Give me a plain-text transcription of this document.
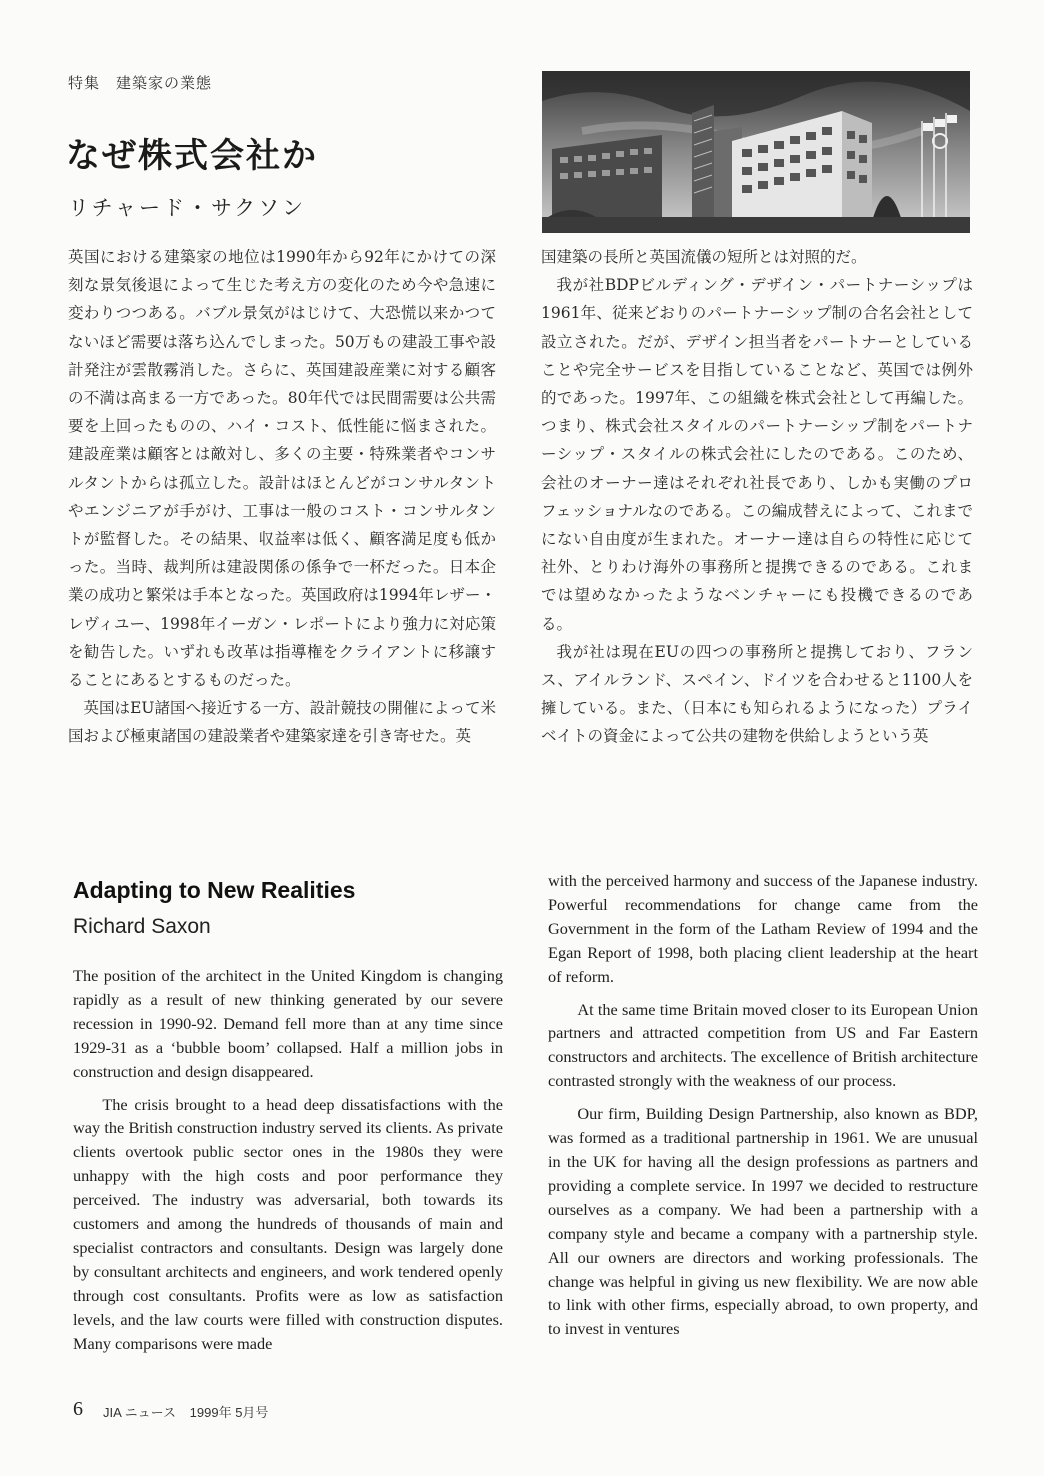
特集　建築家の業態
なぜ株式会社か
リチャード・サクソン

英国における建築家の地位は1990年から92年にかけての深刻な景気後退によって生じた考え方の変化のため今や急速に変わりつつある。バブル景気がはじけて、大恐慌以来かつてないほど需要は落ち込んでしまった。50万もの建設工事や設計発注が雲散霧消した。さらに、英国建設産業に対する顧客の不満は高まる一方であった。80年代では民間需要は公共需要を上回ったものの、ハイ・コスト、低性能に悩まされた。建設産業は顧客とは敵対し、多くの主要・特殊業者やコンサルタントからは孤立した。設計はほとんどがコンサルタントやエンジニアが手がけ、工事は一般のコスト・コンサルタントが監督した。その結果、収益率は低く、顧客満足度も低かった。当時、裁判所は建設関係の係争で一杯だった。日本企業の成功と繁栄は手本となった。英国政府は1994年レザー・レヴィユー、1998年イーガン・レポートにより強力に対応策を勧告した。いずれも改革は指導権をクライアントに移譲することにあるとするものだった。

英国はEU諸国へ接近する一方、設計競技の開催によって米国および極東諸国の建設業者や建築家達を引き寄せた。英

国建築の長所と英国流儀の短所とは対照的だ。

我が社BDPビルディング・デザイン・パートナーシップは1961年、従来どおりのパートナーシップ制の合名会社として設立された。だが、デザイン担当者をパートナーとしていることや完全サービスを目指していることなど、英国では例外的であった。1997年、この組織を株式会社として再編した。つまり、株式会社スタイルのパートナーシップ制をパートナーシップ・スタイルの株式会社にしたのである。このため、会社のオーナー達はそれぞれ社長であり、しかも実働のプロフェッショナルなのである。この編成替えによって、これまでにない自由度が生まれた。オーナー達は自らの特性に応じて社外、とりわけ海外の事務所と提携できるのである。これまでは望めなかったようなベンチャーにも投機できるのである。

我が社は現在EUの四つの事務所と提携しており、フランス、アイルランド、スペイン、ドイツを合わせると1100人を擁している。また、（日本にも知られるようになった）プライベイトの資金によって公共の建物を供給しようという英

Adapting to New Realities
Richard Saxon

The position of the architect in the United Kingdom is changing rapidly as a result of new thinking generated by our severe recession in 1990-92. Demand fell more than at any time since 1929-31 as a ‘bubble boom’ collapsed. Half a million jobs in construction and design disappeared.

The crisis brought to a head deep dissatisfactions with the way the British construction industry served its clients. As private clients overtook public sector ones in the 1980s they were unhappy with the high costs and poor performance they perceived. The industry was adversarial, both towards its customers and among the hundreds of thousands of main and specialist contractors and consultants. Design was largely done by consultant architects and engineers, and work tendered openly through cost consultants. Profits were as low as satisfaction levels, and the law courts were filled with construction disputes. Many comparisons were made

with the perceived harmony and success of the Japanese industry. Powerful recommendations for change came from the Government in the form of the Latham Review of 1994 and the Egan Report of 1998, both placing client leadership at the heart of reform.

At the same time Britain moved closer to its European Union partners and attracted competition from US and Far Eastern constructors and architects. The excellence of British architecture contrasted strongly with the weakness of our process.

Our firm, Building Design Partnership, also known as BDP, was formed as a traditional partnership in 1961. We are unusual in the UK for having all the design professions as partners and providing a complete service. In 1997 we decided to restructure ourselves as a company. We had been a partnership with a company style and became a company with a partnership style. All our owners are directors and working professionals. The change was helpful in giving us new flexibility. We are now able to link with other firms, especially abroad, to own property, and to invest in ventures

6 JIA ニュース 1999年 5月号
